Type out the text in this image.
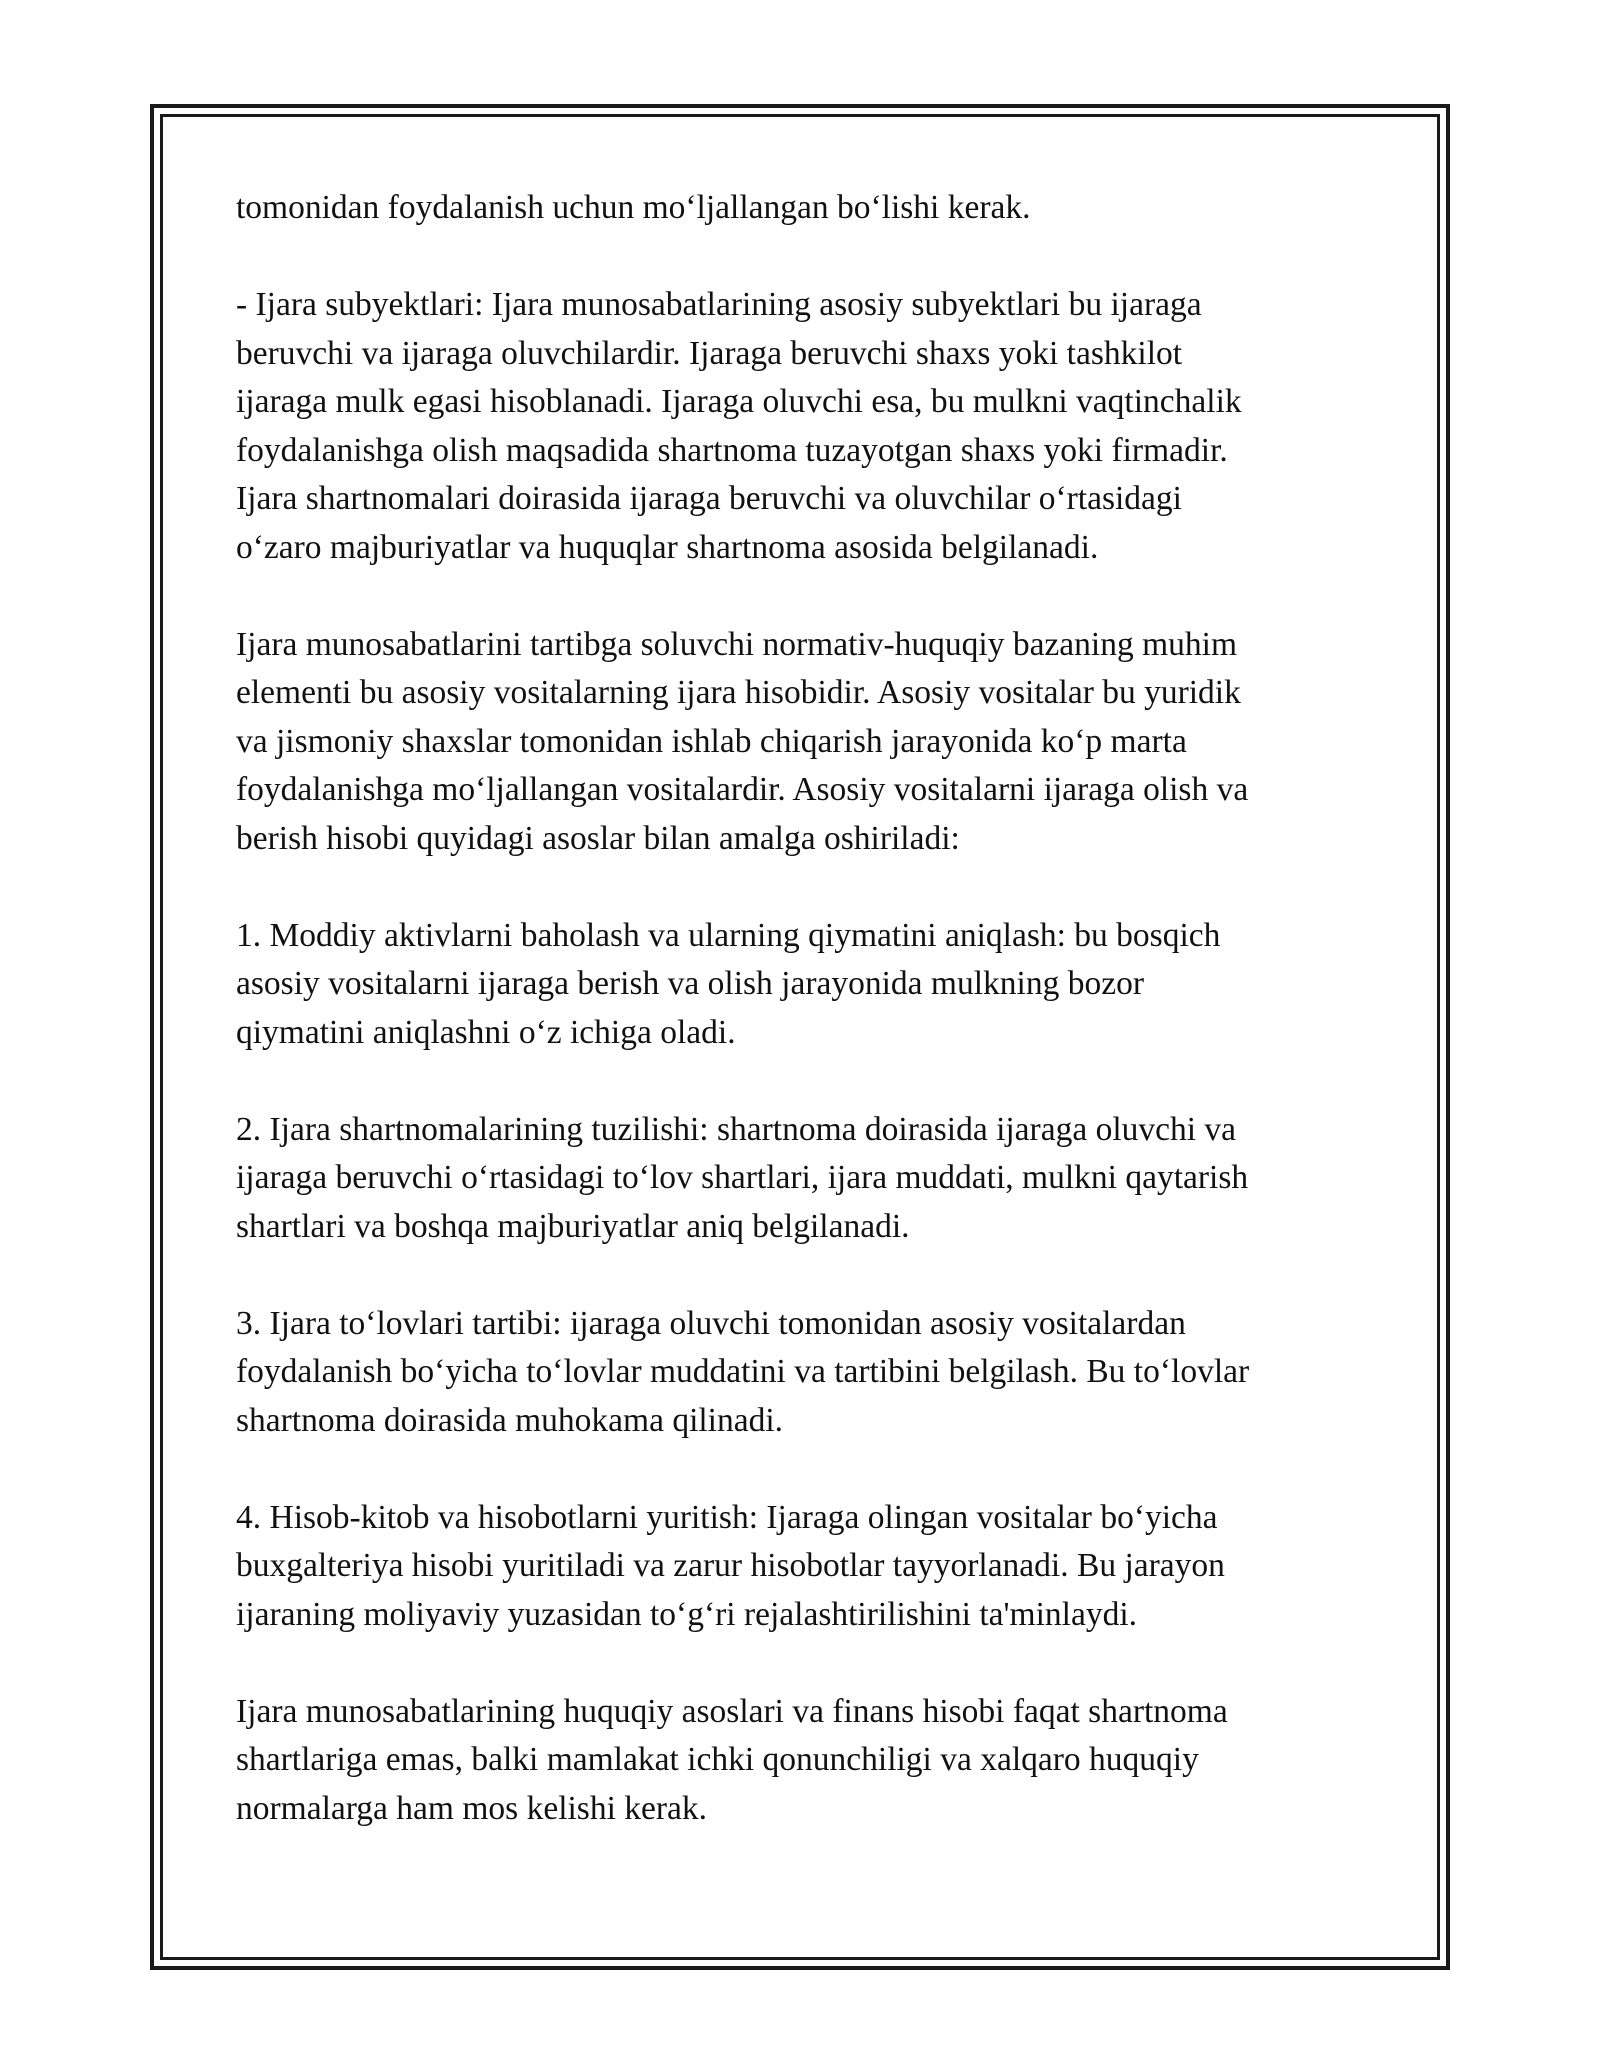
tomonidan foydalanish uchun moʻljallangan boʻlishi kerak.

- Ijara subyektlari: Ijara munosabatlarining asosiy subyektlari bu ijaraga
beruvchi va ijaraga oluvchilardir. Ijaraga beruvchi shaxs yoki tashkilot
ijaraga mulk egasi hisoblanadi. Ijaraga oluvchi esa, bu mulkni vaqtinchalik
foydalanishga olish maqsadida shartnoma tuzayotgan shaxs yoki firmadir.
Ijara shartnomalari doirasida ijaraga beruvchi va oluvchilar oʻrtasidagi
oʻzaro majburiyatlar va huquqlar shartnoma asosida belgilanadi.

Ijara munosabatlarini tartibga soluvchi normativ-huquqiy bazaning muhim
elementi bu asosiy vositalarning ijara hisobidir. Asosiy vositalar bu yuridik
va jismoniy shaxslar tomonidan ishlab chiqarish jarayonida koʻp marta
foydalanishga moʻljallangan vositalardir. Asosiy vositalarni ijaraga olish va
berish hisobi quyidagi asoslar bilan amalga oshiriladi:

1. Moddiy aktivlarni baholash va ularning qiymatini aniqlash: bu bosqich
asosiy vositalarni ijaraga berish va olish jarayonida mulkning bozor
qiymatini aniqlashni oʻz ichiga oladi.

2. Ijara shartnomalarining tuzilishi: shartnoma doirasida ijaraga oluvchi va
ijaraga beruvchi oʻrtasidagi toʻlov shartlari, ijara muddati, mulkni qaytarish
shartlari va boshqa majburiyatlar aniq belgilanadi.

3. Ijara toʻlovlari tartibi: ijaraga oluvchi tomonidan asosiy vositalardan
foydalanish boʻyicha toʻlovlar muddatini va tartibini belgilash. Bu toʻlovlar
shartnoma doirasida muhokama qilinadi.

4. Hisob-kitob va hisobotlarni yuritish: Ijaraga olingan vositalar boʻyicha
buxgalteriya hisobi yuritiladi va zarur hisobotlar tayyorlanadi. Bu jarayon
ijaraning moliyaviy yuzasidan toʻgʻri rejalashtirilishini ta'minlaydi.

Ijara munosabatlarining huquqiy asoslari va finans hisobi faqat shartnoma
shartlariga emas, balki mamlakat ichki qonunchiligi va xalqaro huquqiy
normalarga ham mos kelishi kerak.
